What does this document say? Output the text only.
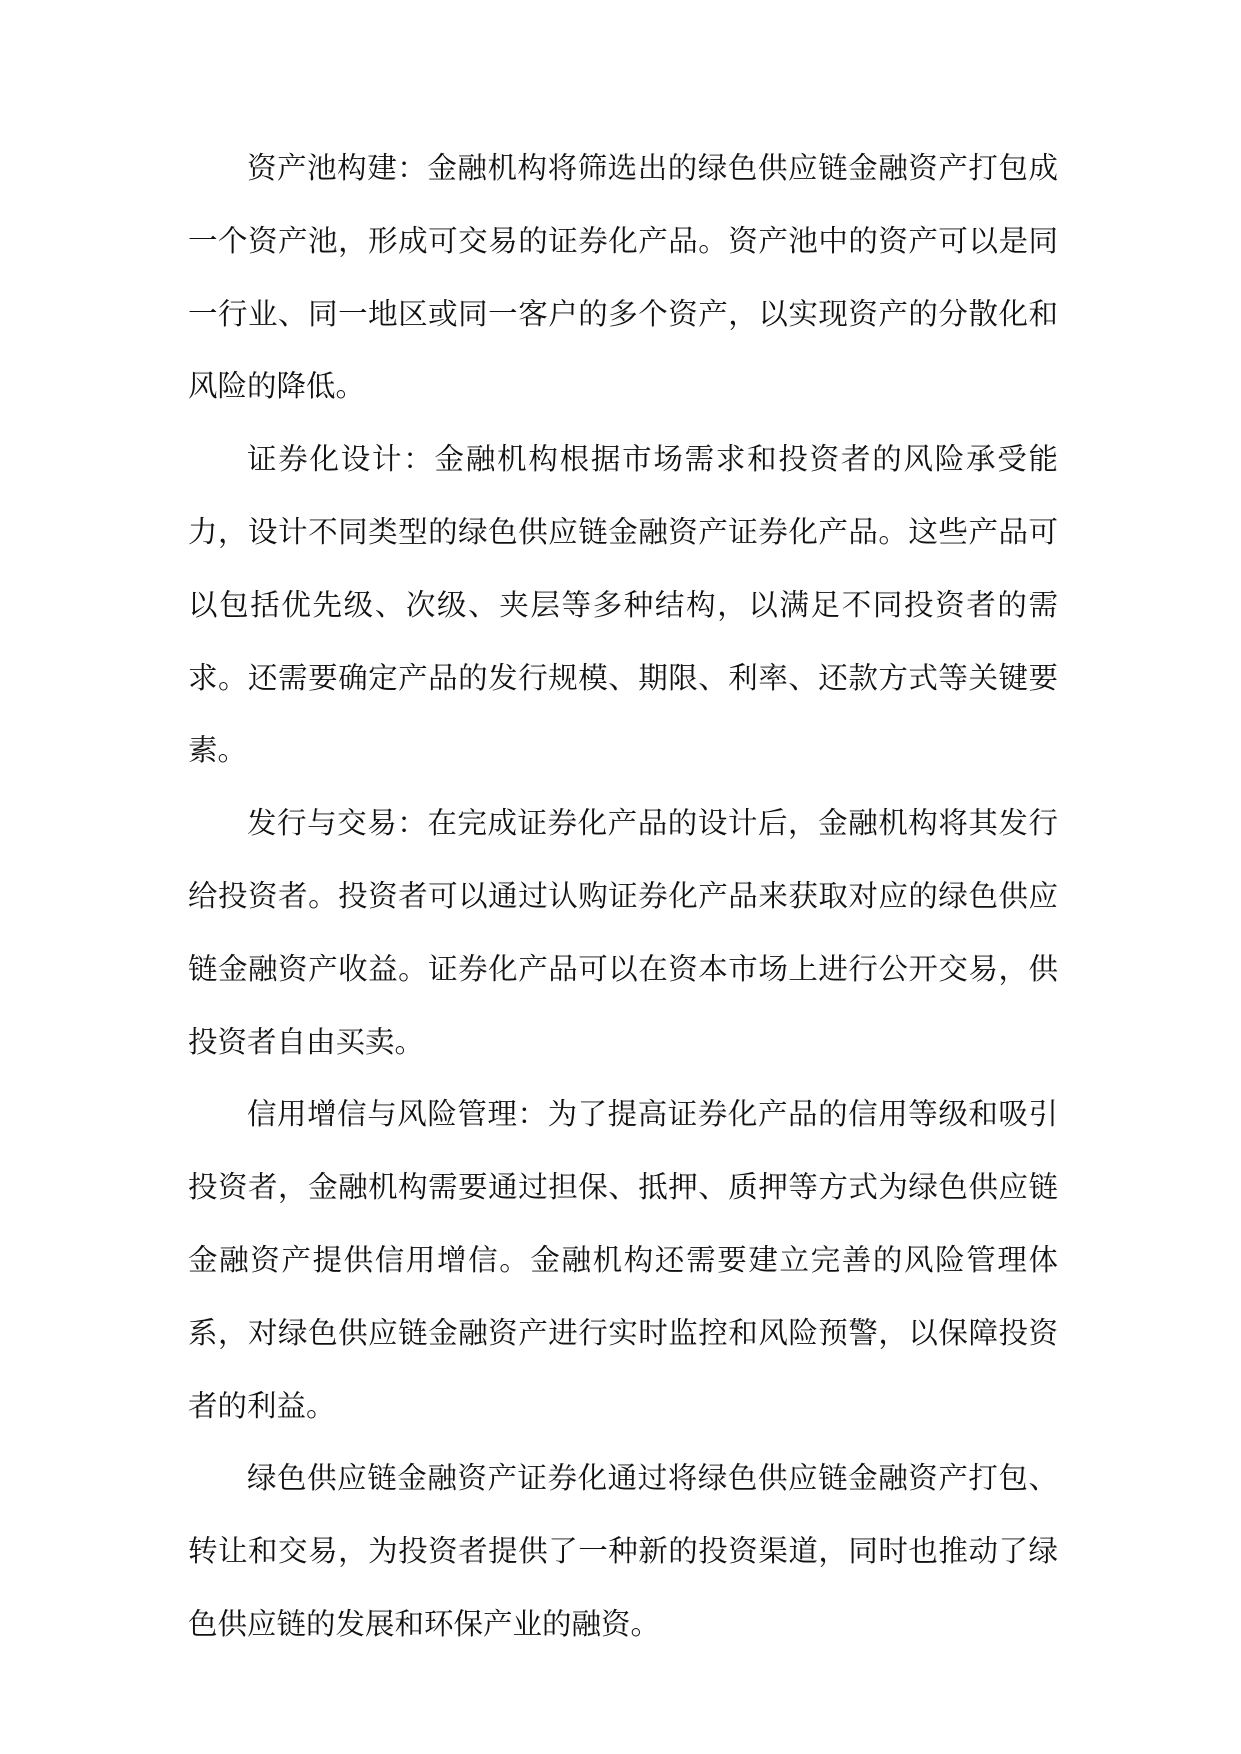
资产池构建：金融机构将筛选出的绿色供应链金融资产打包成一个资产池，形成可交易的证券化产品。资产池中的资产可以是同一行业、同一地区或同一客户的多个资产，以实现资产的分散化和风险的降低。

证券化设计：金融机构根据市场需求和投资者的风险承受能力，设计不同类型的绿色供应链金融资产证券化产品。这些产品可以包括优先级、次级、夹层等多种结构，以满足不同投资者的需求。还需要确定产品的发行规模、期限、利率、还款方式等关键要素。

发行与交易：在完成证券化产品的设计后，金融机构将其发行给投资者。投资者可以通过认购证券化产品来获取对应的绿色供应链金融资产收益。证券化产品可以在资本市场上进行公开交易，供投资者自由买卖。

信用增信与风险管理：为了提高证券化产品的信用等级和吸引投资者，金融机构需要通过担保、抵押、质押等方式为绿色供应链金融资产提供信用增信。金融机构还需要建立完善的风险管理体系，对绿色供应链金融资产进行实时监控和风险预警，以保障投资者的利益。

绿色供应链金融资产证券化通过将绿色供应链金融资产打包、转让和交易，为投资者提供了一种新的投资渠道，同时也推动了绿色供应链的发展和环保产业的融资。
